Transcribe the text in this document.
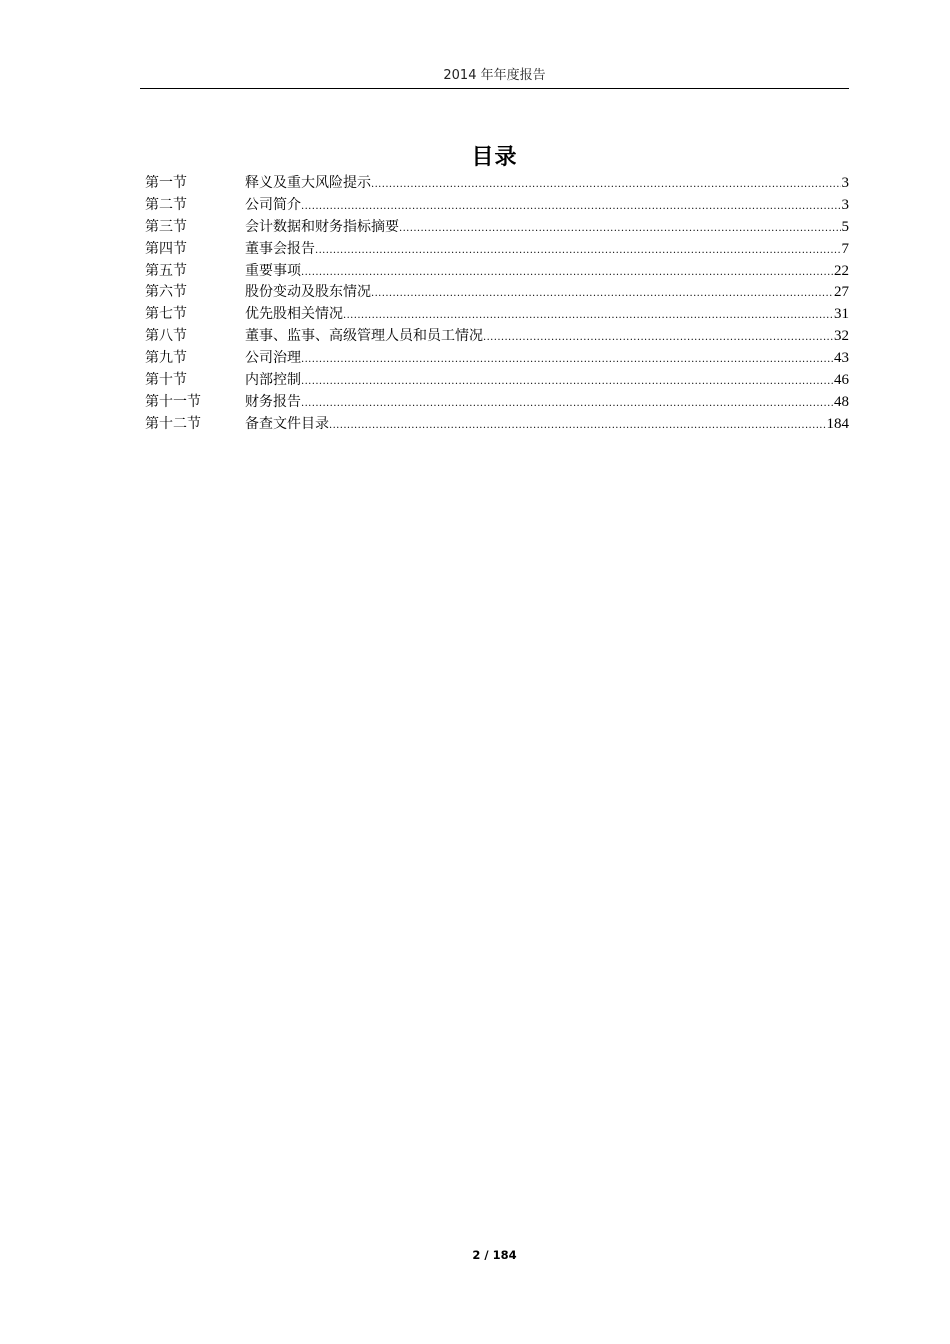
2014 年年度报告
目录
第一节	释义及重大风险提示 .....	3
第二节	公司简介 .....	3
第三节	会计数据和财务指标摘要 .....	5
第四节	董事会报告 .....	7
第五节	重要事项 .....	22
第六节	股份变动及股东情况 .....	27
第七节	优先股相关情况 .....	31
第八节	董事、监事、高级管理人员和员工情况 .....	32
第九节	公司治理 .....	43
第十节	内部控制 .....	46
第十一节	财务报告 .....	48
第十二节	备查文件目录 .....	184
2 / 184
